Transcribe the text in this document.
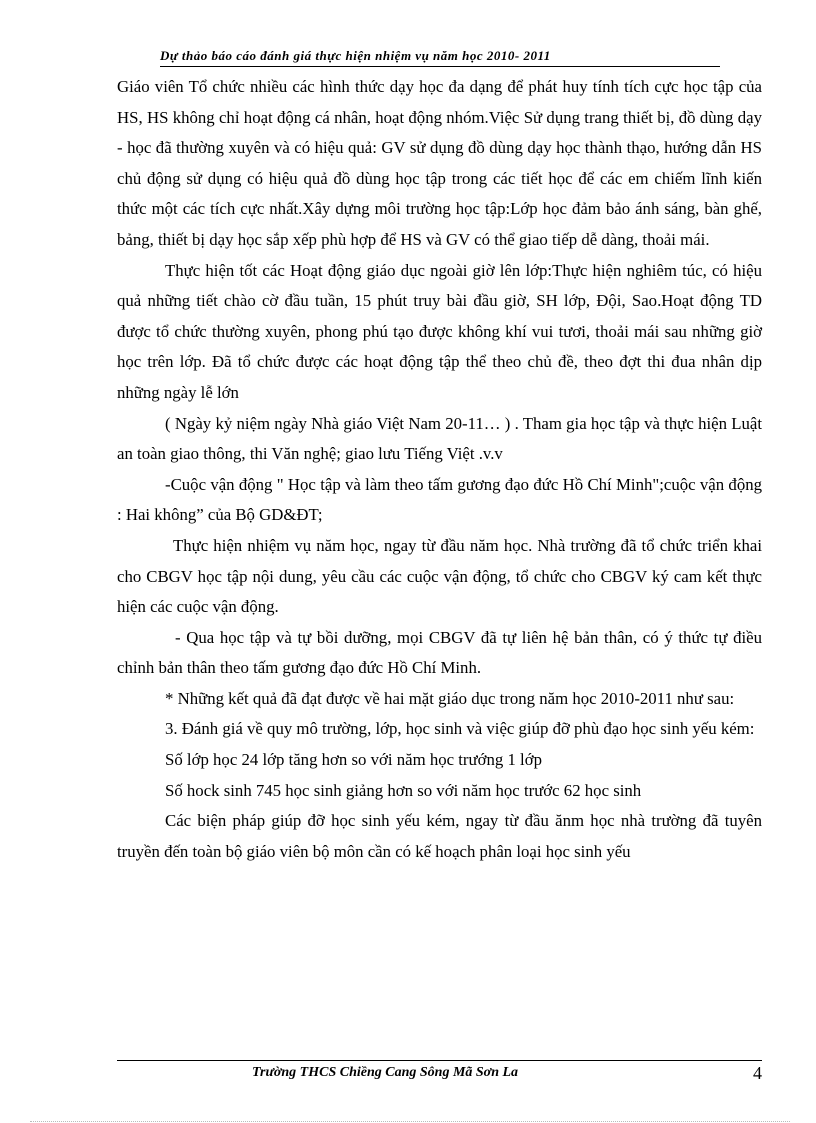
Dự thảo báo cáo đánh giá thực hiện nhiệm vụ năm học 2010- 2011

Giáo viên Tổ chức nhiều các hình thức dạy học đa dạng để phát huy tính tích cực học tập của HS, HS không chỉ hoạt động cá nhân, hoạt động nhóm.Việc Sử dụng trang thiết bị, đồ dùng dạy - học đã thường xuyên và có hiệu quả: GV sử dụng đồ dùng dạy học thành thạo, hướng dẫn HS chủ động sử dụng có hiệu quả đồ dùng học tập trong các tiết học để các em chiếm lĩnh kiến thức một các tích cực nhất.Xây dựng môi trường học tập:Lớp học đảm bảo ánh sáng, bàn ghế, bảng, thiết bị dạy học sắp xếp phù hợp để HS và GV có thể giao tiếp dễ dàng, thoải mái.

Thực hiện tốt các Hoạt động giáo dục ngoài giờ lên lớp:Thực hiện nghiêm túc, có hiệu quả những tiết chào cờ đầu tuần, 15 phút truy bài đầu giờ, SH lớp, Đội, Sao.Hoạt động TD được tổ chức thường xuyên, phong phú tạo được không khí vui tươi, thoải mái sau những giờ học trên lớp. Đã tổ chức được các hoạt động tập thể theo chủ đề, theo đợt thi đua nhân dịp những ngày lễ lớn

( Ngày kỷ niệm ngày Nhà giáo Việt Nam 20-11… ) . Tham gia học tập và thực hiện Luật an toàn giao thông, thi Văn nghệ; giao lưu Tiếng Việt .v.v

-Cuộc vận động " Học tập và làm theo tấm gương đạo đức Hồ Chí Minh";cuộc vận động : Hai không” của Bộ GD&ĐT;

Thực hiện nhiệm vụ năm học, ngay từ đầu năm học. Nhà trường đã tổ chức triển khai cho CBGV học tập nội dung, yêu cầu các cuộc vận động, tổ chức cho CBGV ký cam kết thực hiện các cuộc vận động.

- Qua học tập và tự bồi dưỡng, mọi CBGV đã tự liên hệ bản thân, có ý thức tự điều chỉnh bản thân theo tấm gương đạo đức Hồ Chí Minh.

* Những kết quả đã đạt được về hai mặt giáo dục trong năm học 2010-2011 như sau:

3. Đánh giá về quy mô trường, lớp, học sinh và việc giúp đỡ phù đạo học sinh yếu kém:

Số lớp học 24 lớp tăng hơn so với năm học trướng 1 lớp

Số hock sinh 745 học sinh giảng hơn so với năm học trước 62 học sinh

Các biện pháp giúp đỡ học sinh yếu kém, ngay từ đầu ănm học nhà trường đã tuyên truyền đến toàn bộ giáo viên bộ môn cần có kế hoạch phân loại học sinh yếu

Trường THCS Chiềng Cang Sông Mã Sơn La	4
